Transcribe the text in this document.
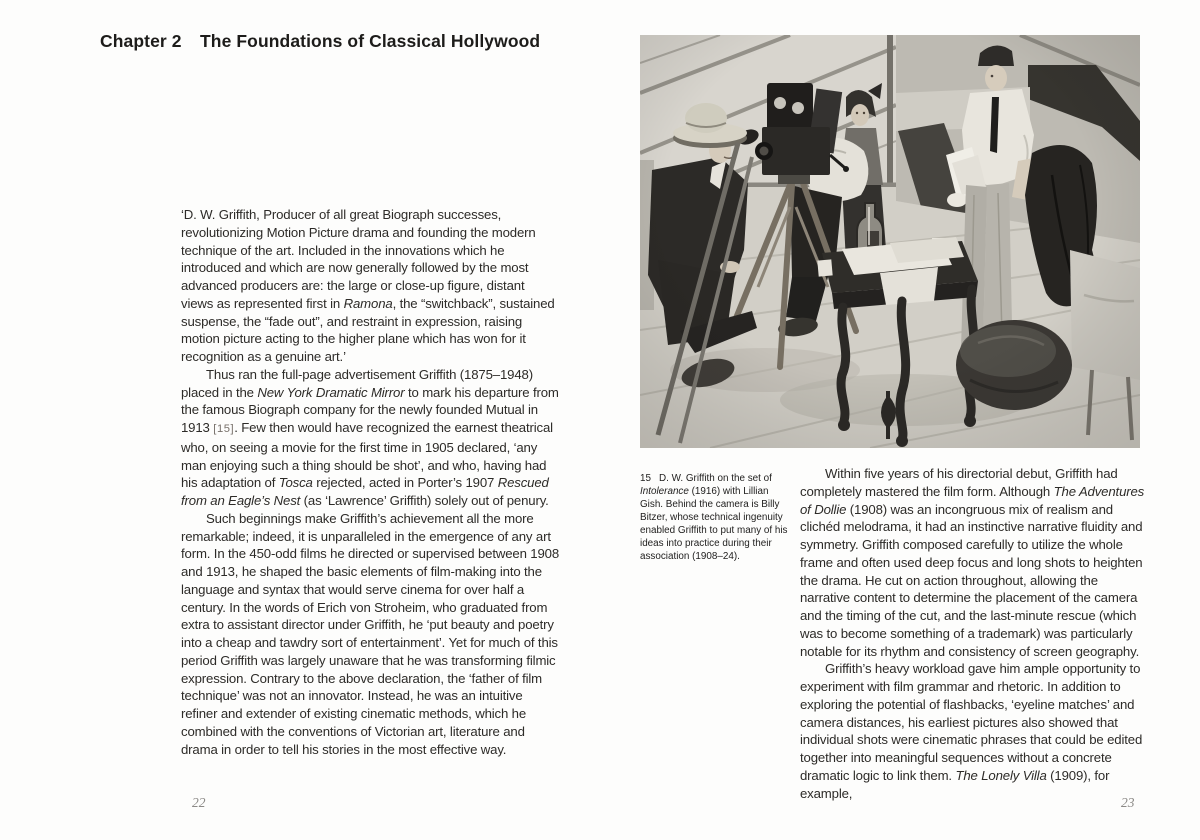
Chapter 2	The Foundations of Classical Hollywood

‘D. W. Griffith, Producer of all great Biograph successes, revolutionizing Motion Picture drama and founding the modern technique of the art. Included in the innovations which he introduced and which are now generally followed by the most advanced producers are: the large or close-up figure, distant views as represented first in Ramona, the “switchback”, sustained suspense, the “fade out”, and restraint in expression, raising motion picture acting to the higher plane which has won for it recognition as a genuine art.’

Thus ran the full-page advertisement Griffith (1875–1948) placed in the New York Dramatic Mirror to mark his departure from the famous Biograph company for the newly founded Mutual in 1913 [15]. Few then would have recognized the earnest theatrical who, on seeing a movie for the first time in 1905 declared, ‘any man enjoying such a thing should be shot’, and who, having had his adaptation of Tosca rejected, acted in Porter’s 1907 Rescued from an Eagle’s Nest (as ‘Lawrence’ Griffith) solely out of penury.

Such beginnings make Griffith’s achievement all the more remarkable; indeed, it is unparalleled in the emergence of any art form. In the 450-odd films he directed or supervised between 1908 and 1913, he shaped the basic elements of film-making into the language and syntax that would serve cinema for over half a century. In the words of Erich von Stroheim, who graduated from extra to assistant director under Griffith, he ‘put beauty and poetry into a cheap and tawdry sort of entertainment’. Yet for much of this period Griffith was largely unaware that he was transforming filmic expression. Contrary to the above declaration, the ‘father of film technique’ was not an innovator. Instead, he was an intuitive refiner and extender of existing cinematic methods, which he combined with the conventions of Victorian art, literature and drama in order to tell his stories in the most effective way.

15 D. W. Griffith on the set of Intolerance (1916) with Lillian Gish. Behind the camera is Billy Bitzer, whose technical ingenuity enabled Griffith to put many of his ideas into practice during their association (1908–24).

Within five years of his directorial debut, Griffith had completely mastered the film form. Although The Adventures of Dollie (1908) was an incongruous mix of realism and clichéd melodrama, it had an instinctive narrative fluidity and symmetry. Griffith composed carefully to utilize the whole frame and often used deep focus and long shots to heighten the drama. He cut on action throughout, allowing the narrative content to determine the placement of the camera and the timing of the cut, and the last-minute rescue (which was to become something of a trademark) was particularly notable for its rhythm and consistency of screen geography.

Griffith’s heavy workload gave him ample opportunity to experiment with film grammar and rhetoric. In addition to exploring the potential of flashbacks, ‘eyeline matches’ and camera distances, his earliest pictures also showed that individual shots were cinematic phrases that could be edited together into meaningful sequences without a concrete dramatic logic to link them. The Lonely Villa (1909), for example,

22	23
